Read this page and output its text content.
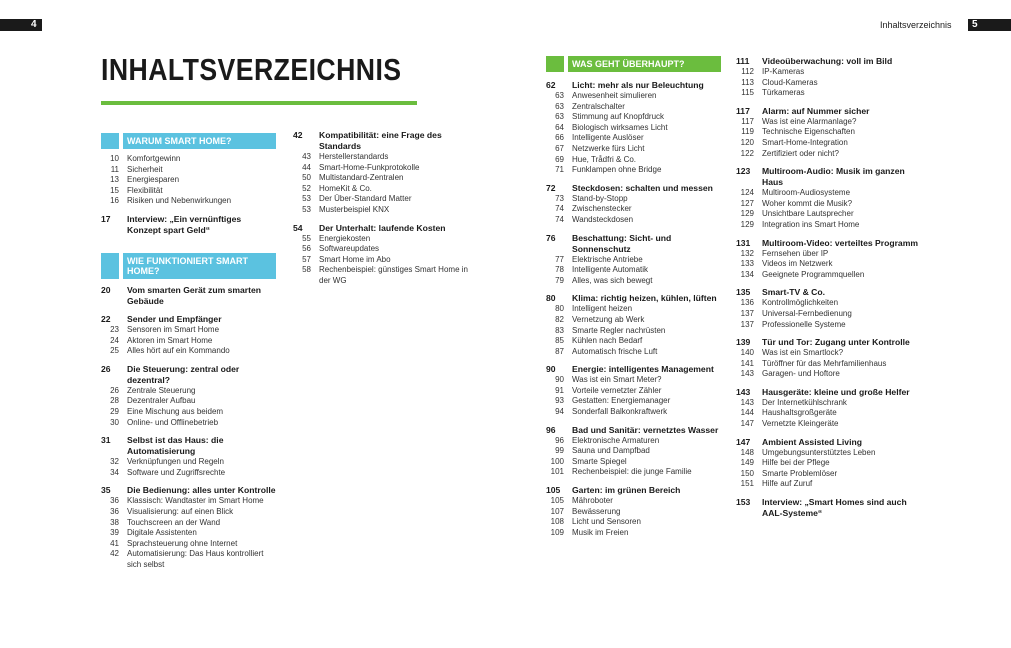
4	Inhaltsverzeichnis 5
INHALTSVERZEICHNIS
WARUM SMART HOME?
10 Komfortgewinn
11 Sicherheit
13 Energiesparen
15 Flexibilität
16 Risiken und Nebenwirkungen
17	Interview: „Ein vernünftiges Konzept spart Geld“
WIE FUNKTIONIERT SMART HOME?
20	Vom smarten Gerät zum smarten Gebäude
22	Sender und Empfänger
23 Sensoren im Smart Home
24 Aktoren im Smart Home
25 Alles hört auf ein Kommando
26	Die Steuerung: zentral oder dezentral?
26 Zentrale Steuerung
28 Dezentraler Aufbau
29 Eine Mischung aus beidem
30 Online- und Offlinebetrieb
31	Selbst ist das Haus: die Automatisierung
32 Verknüpfungen und Regeln
34 Software und Zugriffsrechte
35	Die Bedienung: alles unter Kontrolle
36 Klassisch: Wandtaster im Smart Home
36 Visualisierung: auf einen Blick
38 Touchscreen an der Wand
39 Digitale Assistenten
41 Sprachsteuerung ohne Internet
42 Automatisierung: Das Haus kontrolliert sich selbst
42	Kompatibilität: eine Frage des Standards
43 Herstellerstandards
44 Smart-Home-Funkprotokolle
50 Multistandard-Zentralen
52 HomeKit & Co.
53 Der Über-Standard Matter
53 Musterbeispiel KNX
54	Der Unterhalt: laufende Kosten
55 Energiekosten
56 Softwareupdates
57 Smart Home im Abo
58 Rechenbeispiel: günstiges Smart Home in der WG
WAS GEHT ÜBERHAUPT?
62	Licht: mehr als nur Beleuchtung
63 Anwesenheit simulieren
63 Zentralschalter
63 Stimmung auf Knopfdruck
64 Biologisch wirksames Licht
66 Intelligente Auslöser
67 Netzwerke fürs Licht
69 Hue, Trådfri & Co.
71 Funklampen ohne Bridge
72	Steckdosen: schalten und messen
73 Stand-by-Stopp
74 Zwischenstecker
74 Wandsteckdosen
76	Beschattung: Sicht- und Sonnenschutz
77 Elektrische Antriebe
78 Intelligente Automatik
79 Alles, was sich bewegt
80	Klima: richtig heizen, kühlen, lüften
80 Intelligent heizen
82 Vernetzung ab Werk
83 Smarte Regler nachrüsten
85 Kühlen nach Bedarf
87 Automatisch frische Luft
90	Energie: intelligentes Management
90 Was ist ein Smart Meter?
91 Vorteile vernetzter Zähler
93 Gestatten: Energiemanager
94 Sonderfall Balkonkraftwerk
96	Bad und Sanitär: vernetztes Wasser
96 Elektronische Armaturen
99 Sauna und Dampfbad
100 Smarte Spiegel
101 Rechenbeispiel: die junge Familie
105	Garten: im grünen Bereich
105 Mähroboter
107 Bewässerung
108 Licht und Sensoren
109 Musik im Freien
111	Videoüberwachung: voll im Bild
112 IP-Kameras
113 Cloud-Kameras
115 Türkameras
117	Alarm: auf Nummer sicher
117 Was ist eine Alarmanlage?
119 Technische Eigenschaften
120 Smart-Home-Integration
122 Zertifiziert oder nicht?
123	Multiroom-Audio: Musik im ganzen Haus
124 Multiroom-Audiosysteme
127 Woher kommt die Musik?
129 Unsichtbare Lautsprecher
129 Integration ins Smart Home
131	Multiroom-Video: verteiltes Programm
132 Fernsehen über IP
133 Videos im Netzwerk
134 Geeignete Programmquellen
135	Smart-TV & Co.
136 Kontrollmöglichkeiten
137 Universal-Fernbedienung
137 Professionelle Systeme
139	Tür und Tor: Zugang unter Kontrolle
140 Was ist ein Smartlock?
141 Türöffner für das Mehrfamilienhaus
143 Garagen- und Hoftore
143	Hausgeräte: kleine und große Helfer
143 Der Internetkühlschrank
144 Haushaltsgroßgeräte
147 Vernetzte Kleingeräte
147	Ambient Assisted Living
148 Umgebungsunterstütztes Leben
149 Hilfe bei der Pflege
150 Smarte Problemlöser
151 Hilfe auf Zuruf
153	Interview: „Smart Homes sind auch AAL-Systeme“
